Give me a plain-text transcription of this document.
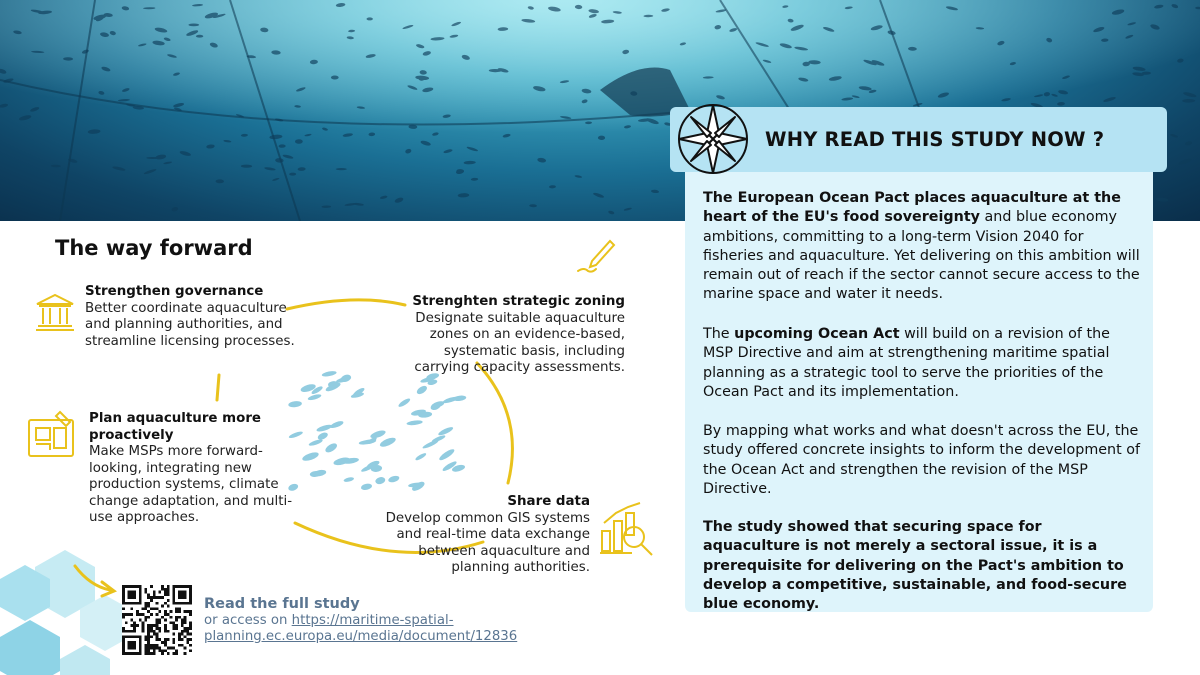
The way forward
Strengthen governance
Better coordinate aquaculture and planning authorities, and streamline licensing processes.
Strenghten strategic zoning
Designate suitable aquaculture zones on an evidence-based, systematic basis, including carrying capacity assessments.
Plan aquaculture more proactively
Make MSPs more forward-looking, integrating new production systems, climate change adaptation, and multi-use approaches.
Share data
Develop common GIS systems and real-time data exchange between aquaculture and planning authorities.
Read the full study
or access on https://maritime-spatial-planning.ec.europa.eu/media/document/12836
WHY READ THIS STUDY NOW ?
The European Ocean Pact places aquaculture at the heart of the EU's food sovereignty and blue economy ambitions, committing to a long-term Vision 2040 for fisheries and aquaculture. Yet delivering on this ambition will remain out of reach if the sector cannot secure access to the marine space and water it needs.
The upcoming Ocean Act will build on a revision of the MSP Directive and aim at strengthening maritime spatial planning as a strategic tool to serve the priorities of the Ocean Pact and its implementation.
By mapping what works and what doesn't across the EU, the study offered concrete insights to inform the development of the Ocean Act and strengthen the revision of the MSP Directive.
The study showed that securing space for aquaculture is not merely a sectoral issue, it is a prerequisite for delivering on the Pact's ambition to develop a competitive, sustainable, and food-secure blue economy.
